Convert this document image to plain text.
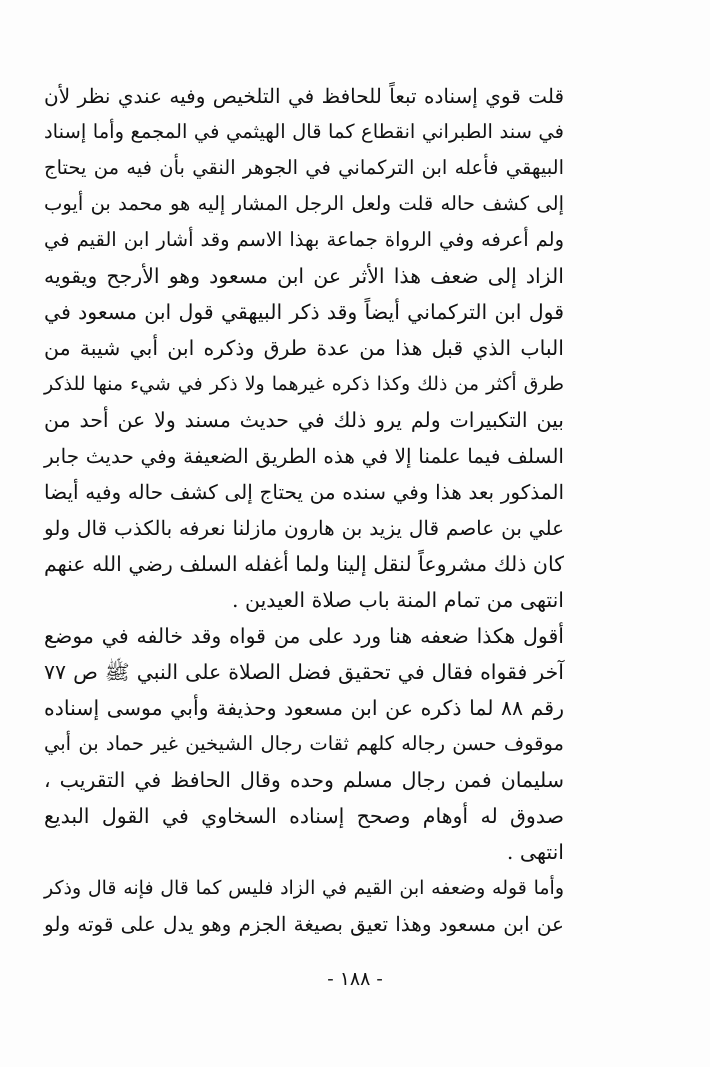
قلت قوي إسناده تبعاً للحافظ في التلخيص وفيه عندي نظر لأن
في سند الطبراني انقطاع كما قال الهيثمي في المجمع وأما إسناد
البيهقي فأعله ابن التركماني في الجوهر النقي بأن فيه من يحتاج
إلى كشف حاله قلت ولعل الرجل المشار إليه هو محمد بن أيوب
ولم أعرفه وفي الرواة جماعة بهذا الاسم وقد أشار ابن القيم في
الزاد إلى ضعف هذا الأثر عن ابن مسعود وهو الأرجح ويقويه
قول ابن التركماني أيضاً وقد ذكر البيهقي قول ابن مسعود في
الباب الذي قبل هذا من عدة طرق وذكره ابن أبي شيبة من
طرق أكثر من ذلك وكذا ذكره غيرهما ولا ذكر في شيء منها للذكر
بين التكبيرات ولم يرو ذلك في حديث مسند ولا عن أحد من
السلف فيما علمنا إلا في هذه الطريق الضعيفة وفي حديث جابر
المذكور بعد هذا وفي سنده من يحتاج إلى كشف حاله وفيه أيضا
علي بن عاصم قال يزيد بن هارون مازلنا نعرفه بالكذب قال ولو
كان ذلك مشروعاً لنقل إلينا ولما أغفله السلف رضي الله عنهم
انتهى من تمام المنة باب صلاة العيدين .
أقول هكذا ضعفه هنا ورد على من قواه وقد خالفه في موضع
آخر فقواه فقال في تحقيق فضل الصلاة على النبي ﷺ ص ٧٧
رقم ٨٨ لما ذكره عن ابن مسعود وحذيفة وأبي موسى إسناده
موقوف حسن رجاله كلهم ثقات رجال الشيخين غير حماد بن أبي
سليمان فمن رجال مسلم وحده وقال الحافظ في التقريب ،
صدوق له أوهام وصحح إسناده السخاوي في القول البديع
انتهى .
وأما قوله وضعفه ابن القيم في الزاد فليس كما قال فإنه قال وذكر
عن ابن مسعود وهذا تعيق بصيغة الجزم وهو يدل على قوته ولو
- ١٨٨ -
